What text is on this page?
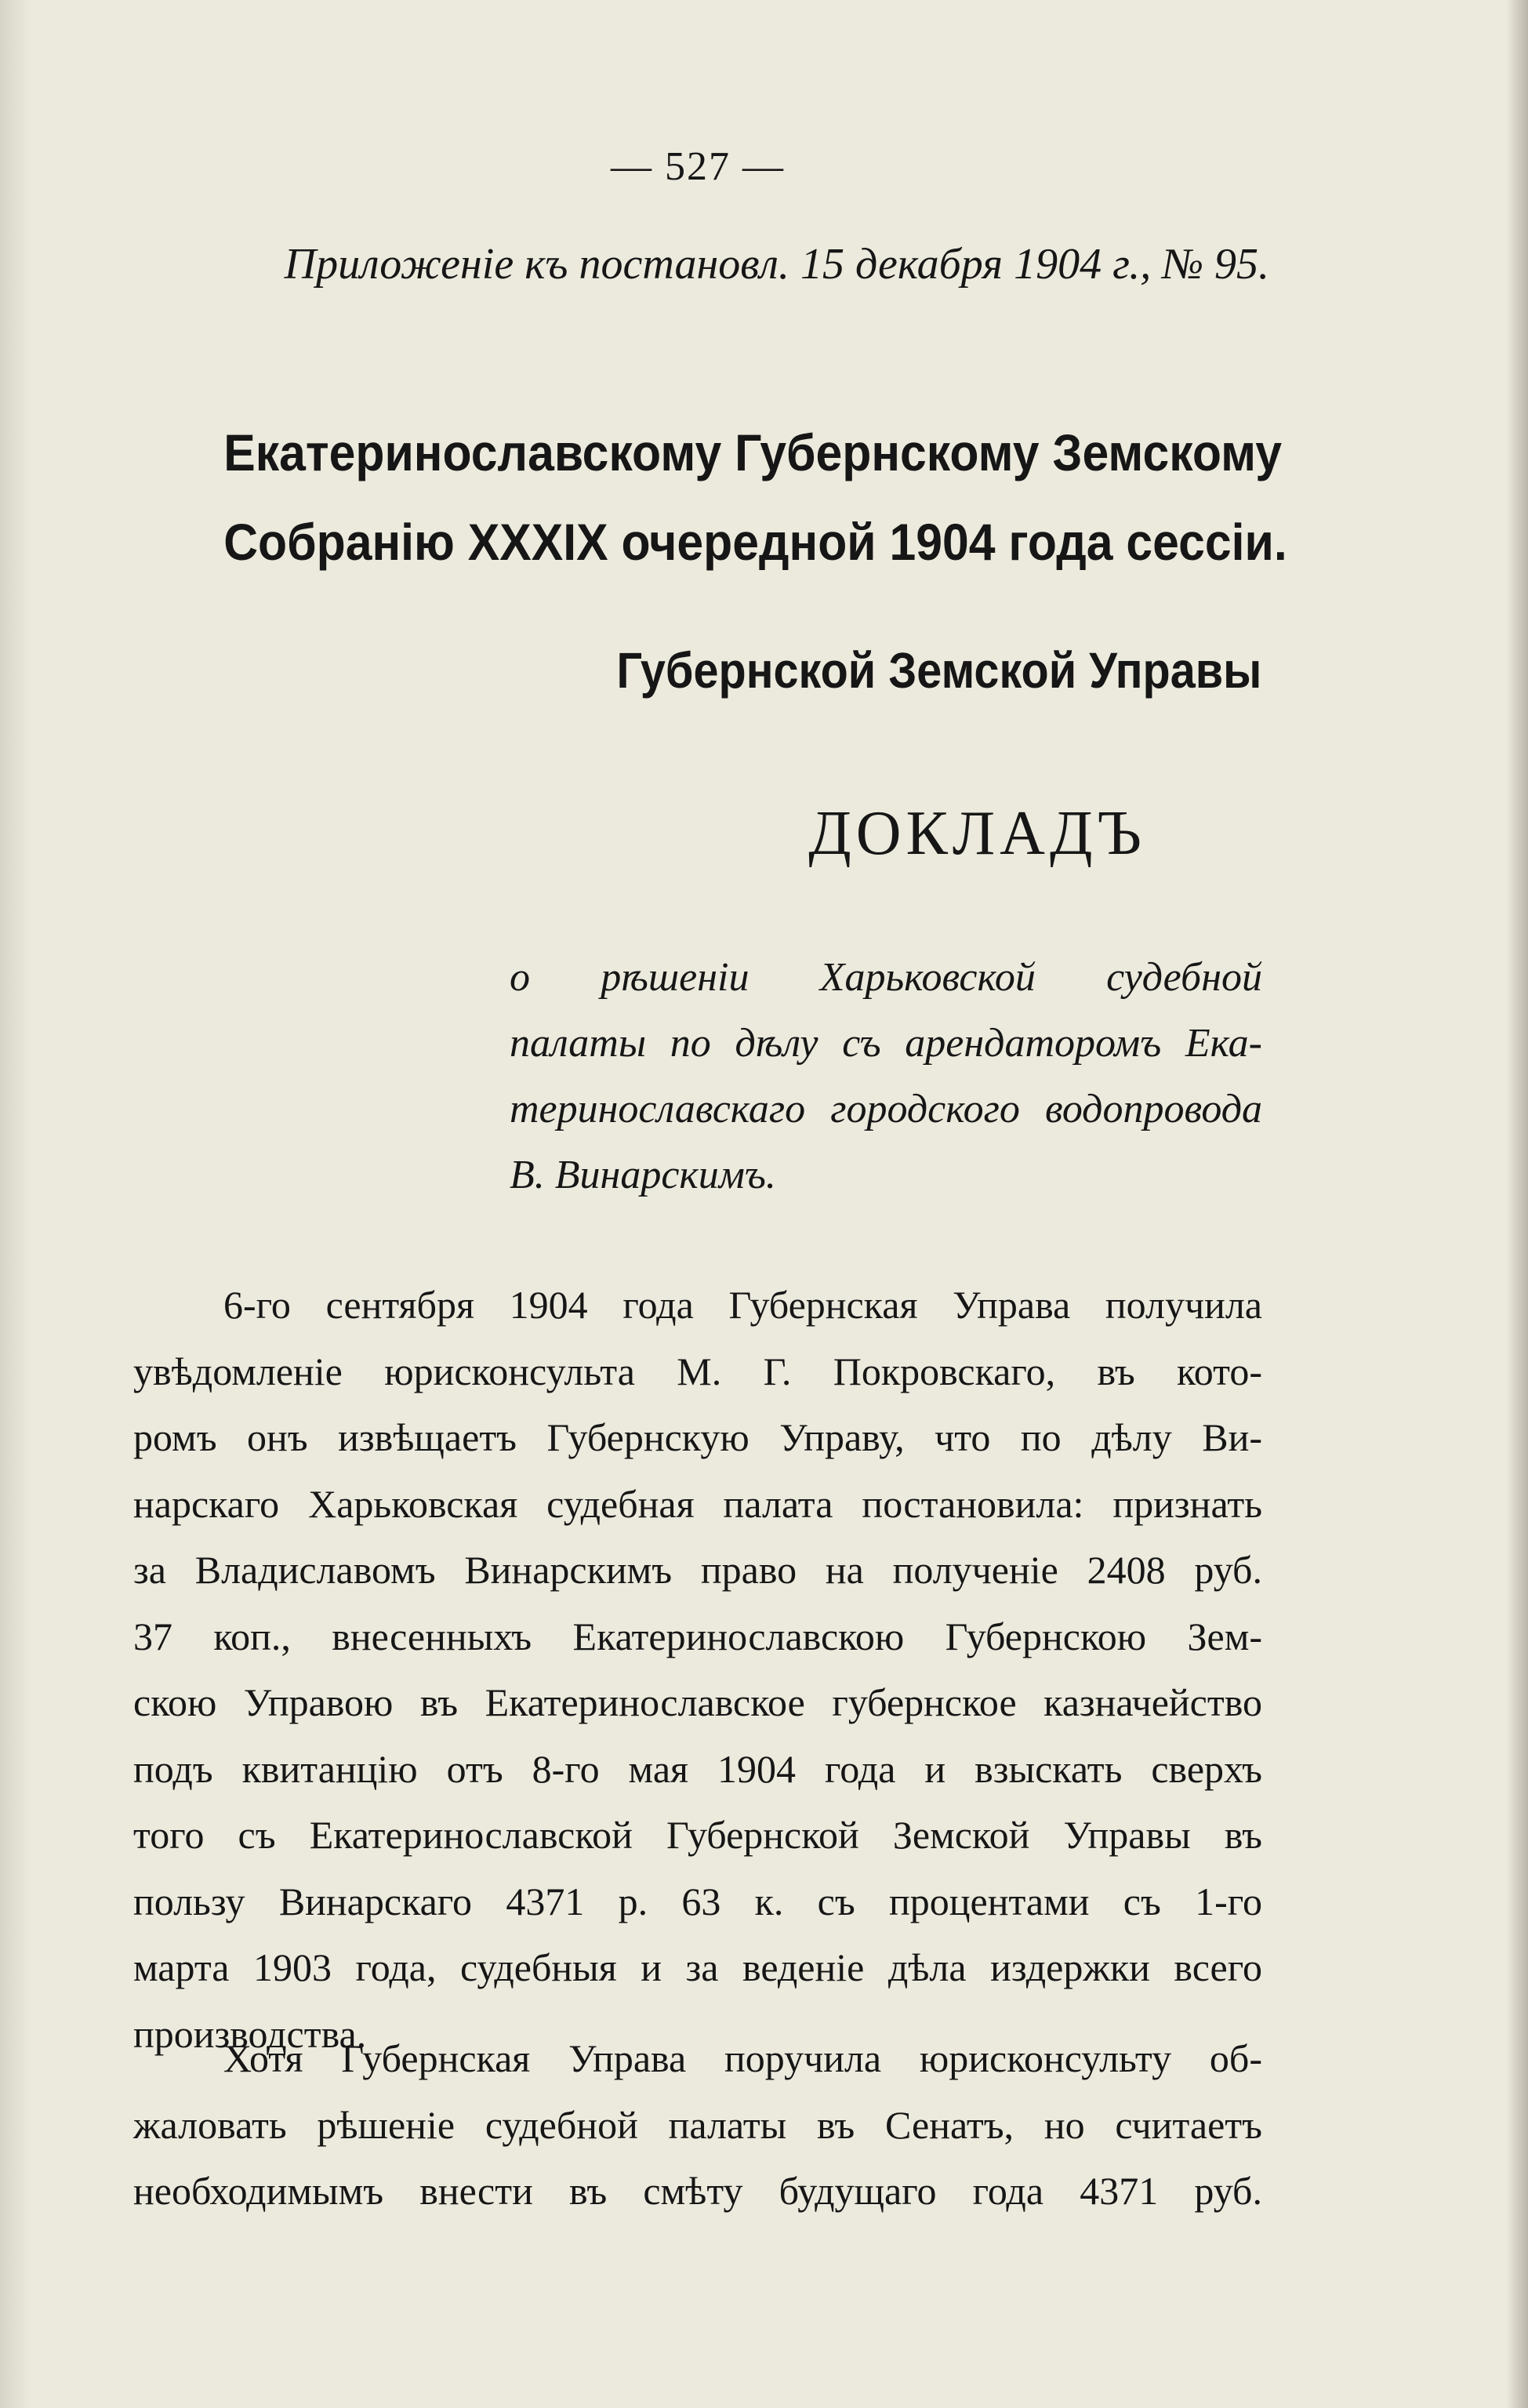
— 527 —
Приложеніе къ постановл. 15 декабря 1904 г., № 95.
Екатеринославскому Губернскому Земскому
Собранію XXXIX очередной 1904 года сессіи.
Губернской Земской Управы
ДОКЛАДЪ
о рѣшеніи Харьковской судебной
палаты по дѣлу съ арендаторомъ Ека-
теринославскаго городского водопровода
В. Винарскимъ.
6-го сентября 1904 года Губернская Управа получила
увѣдомленіе юрисконсульта М. Г. Покровскаго, въ кото-
ромъ онъ извѣщаетъ Губернскую Управу, что по дѣлу Ви-
нарскаго Харьковская судебная палата постановила: признать
за Владиславомъ Винарскимъ право на полученіе 2408 руб.
37 коп., внесенныхъ Екатеринославскою Губернскою Зем-
скою Управою въ Екатеринославское губернское казначейство
подъ квитанцію отъ 8-го мая 1904 года и взыскать сверхъ
того съ Екатеринославской Губернской Земской Управы въ
пользу Винарскаго 4371 р. 63 к. съ процентами съ 1-го
марта 1903 года, судебныя и за веденіе дѣла издержки всего
производства.
Хотя Губернская Управа поручила юрисконсульту об-
жаловать рѣшеніе судебной палаты въ Сенатъ, но считаетъ
необходимымъ внести въ смѣту будущаго года 4371 руб.
